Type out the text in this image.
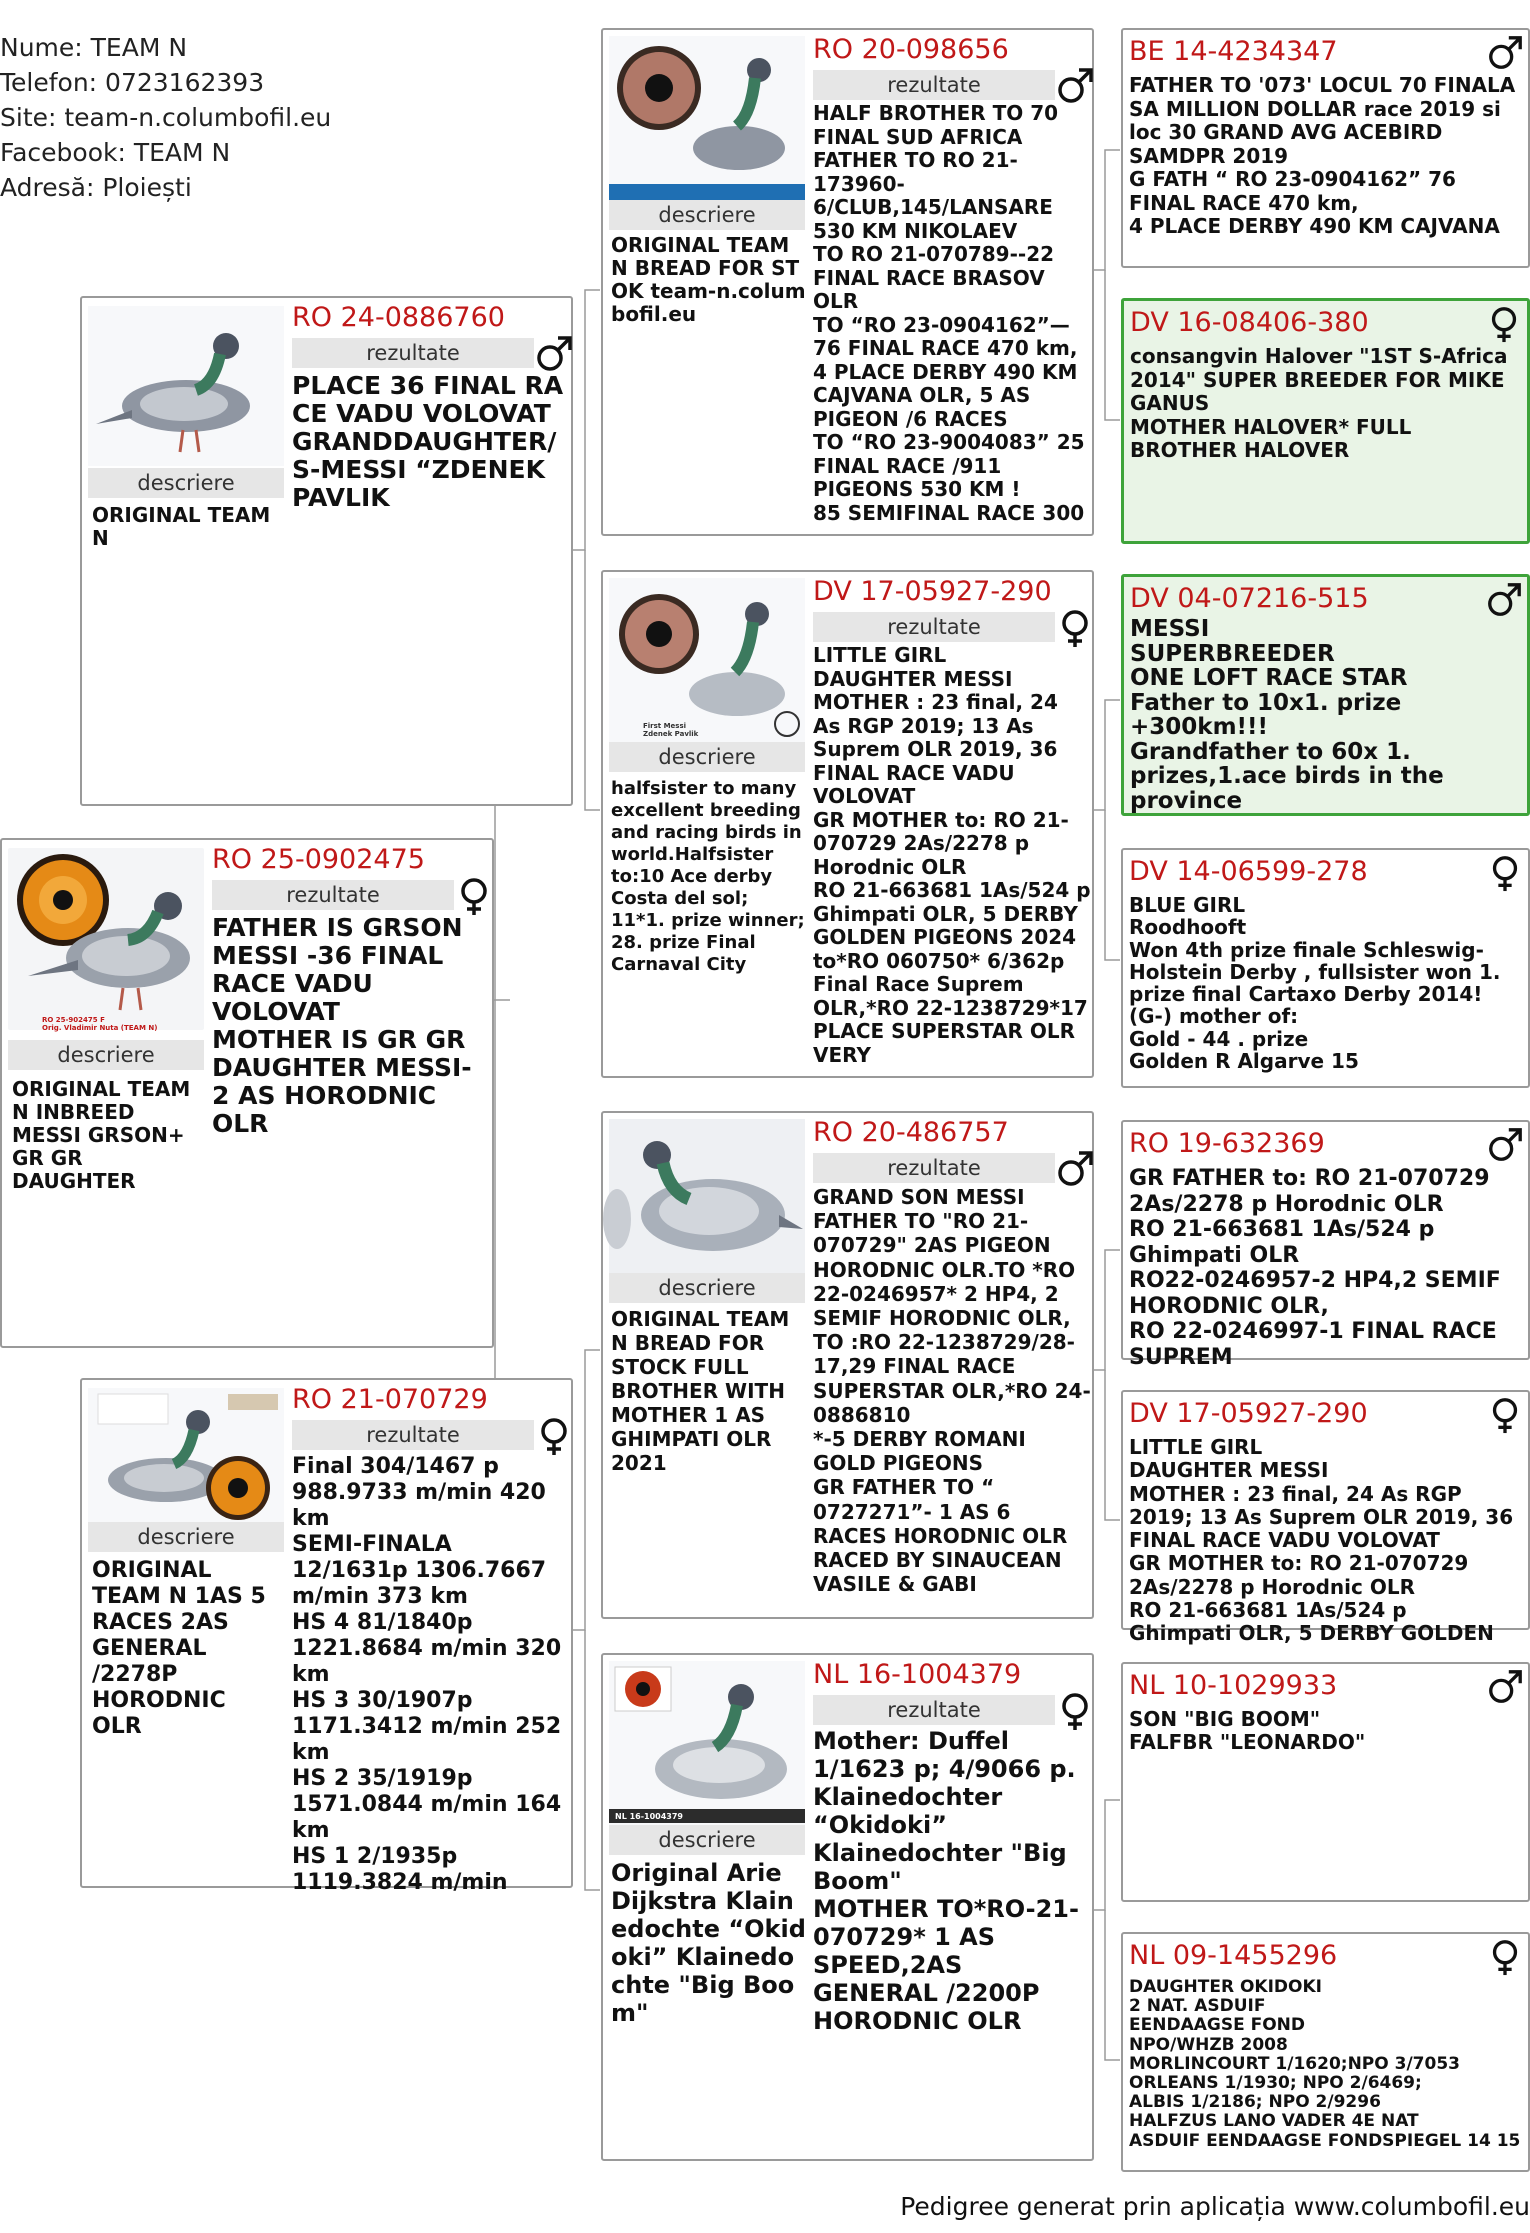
Nume: TEAM N
Telefon: 0723162393
Site: team-n.columbofil.eu
Facebook: TEAM N
Adresă: Ploiești
RO 25-902475 F
Orig. Vladimir Nuta (TEAM N)
descriere
ORIGINAL TEAM N INBREED MESSI GRSON+ GR GR DAUGHTER
RO 25-0902475
rezultate
FATHER IS GRSON MESSI -36 FINAL RACE VADU VOLOVAT
MOTHER IS GR GR DAUGHTER MESSI-2 AS HORODNIC OLR
descriere
ORIGINAL TEAM N
RO 24-0886760
rezultate
PLACE 36 FINAL RACE VADU VOLOVAT GRANDDAUGHTER/S-MESSI “ZDENEK PAVLIK
descriere
ORIGINAL TEAM N 1AS 5 RACES 2AS GENERAL /2278P HORODNIC OLR
RO 21-070729
rezultate
Final 304/1467 p 988.9733 m/min 420 km
SEMI-FINALA 12/1631p 1306.7667 m/min 373 km
HS 4 81/1840p 1221.8684 m/min 320 km
HS 3 30/1907p 1171.3412 m/min 252 km
HS 2 35/1919p 1571.0844 m/min 164 km
HS 1 2/1935p 1119.3824 m/min
descriere
ORIGINAL TEAM N BREAD FOR STOK team-n.columbofil.eu
RO 20-098656
rezultate
HALF BROTHER TO 70 FINAL SUD AFRICA
FATHER TO RO 21-173960-6/CLUB,145/LANSARE 530 KM NIKOLAEV
TO RO 21-070789--22 FINAL RACE BRASOV OLR
TO “RO 23-0904162”—76 FINAL RACE 470 km, 4 PLACE DERBY 490 KM CAJVANA OLR, 5 AS PIGEON /6 RACES
TO “RO 23-9004083” 25 FINAL RACE /911 PIGEONS 530 KM !
85 SEMIFINAL RACE 300
First Messi
Zdenek Pavlik
descriere
halfsister to many excellent breeding and racing birds in world.Halfsister to:10 Ace derby Costa del sol; 11*1. prize winner; 28. prize Final Carnaval City
DV 17-05927-290
rezultate
LITTLE GIRL
DAUGHTER MESSI
MOTHER : 23 final, 24 As RGP 2019; 13 As Suprem OLR 2019, 36 FINAL RACE VADU VOLOVAT
GR MOTHER to: RO 21-070729 2As/2278 p Horodnic OLR
RO 21-663681 1As/524 p Ghimpati OLR, 5 DERBY GOLDEN PIGEONS 2024
to*RO 060750* 6/362p Final Race Suprem OLR,*RO 22-1238729*17 PLACE SUPERSTAR OLR VERY
descriere
ORIGINAL TEAM N BREAD FOR STOCK FULL BROTHER WITH MOTHER 1 AS GHIMPATI OLR 2021
RO 20-486757
rezultate
GRAND SON MESSI
FATHER TO "RO 21-070729" 2AS PIGEON HORODNIC OLR.TO *RO 22-0246957* 2 HP4, 2 SEMIF HORODNIC OLR, TO :RO 22-1238729/28-17,29 FINAL RACE SUPERSTAR OLR,*RO 24-0886810
*-5 DERBY ROMANI GOLD PIGEONS
GR FATHER TO “ 0727271”- 1 AS 6 RACES HORODNIC OLR RACED BY SINAUCEAN VASILE & GABI
NL 16-1004379
descriere
Original Arie Dijkstra Klainedochte “Okidoki” Klainedochte "Big Boom"
NL 16-1004379
rezultate
Mother: Duffel 1/1623 p; 4/9066 p. Klainedochter “Okidoki” Klainedochter "Big Boom"
MOTHER TO*RO-21-070729* 1 AS SPEED,2AS GENERAL /2200P HORODNIC OLR
BE 14-4234347
FATHER TO '073' LOCUL 70 FINALA SA MILLION DOLLAR race 2019 si loc 30 GRAND AVG ACEBIRD SAMDPR 2019
G FATH “ RO 23-0904162” 76 FINAL RACE 470 km,
4 PLACE DERBY 490 KM CAJVANA
DV 16-08406-380
consangvin Halover "1ST S-Africa 2014" SUPER BREEDER FOR MIKE GANUS
MOTHER HALOVER* FULL BROTHER HALOVER
DV 04-07216-515
MESSI
SUPERBREEDER
ONE LOFT RACE STAR
Father to 10x1. prize +300km!!!
Grandfather to 60x 1. prizes,1.ace birds in the province
DV 14-06599-278
BLUE GIRL
Roodhooft
Won 4th prize finale Schleswig-Holstein Derby , fullsister won 1. prize final Cartaxo Derby 2014!
(G-) mother of:
Gold - 44 . prize
Golden R Algarve 15
RO 19-632369
GR FATHER to: RO 21-070729 2As/2278 p Horodnic OLR
RO 21-663681 1As/524 p Ghimpati OLR
RO22-0246957-2 HP4,2 SEMIF HORODNIC OLR,
RO 22-0246997-1 FINAL RACE SUPREM
DV 17-05927-290
LITTLE GIRL
DAUGHTER MESSI
MOTHER : 23 final, 24 As RGP 2019; 13 As Suprem OLR 2019, 36 FINAL RACE VADU VOLOVAT
GR MOTHER to: RO 21-070729 2As/2278 p Horodnic OLR
RO 21-663681 1As/524 p
Ghimpati OLR, 5 DERBY GOLDEN
NL 10-1029933
SON "BIG BOOM"
FALFBR "LEONARDO"
NL 09-1455296
DAUGHTER OKIDOKI
2 NAT. ASDUIF
EENDAAGSE FOND
NPO/WHZB 2008
MORLINCOURT 1/1620;NPO 3/7053
ORLEANS 1/1930; NPO 2/6469;
ALBIS 1/2186; NPO 2/9296
HALFZUS LANO VADER 4E NAT
ASDUIF EENDAAGSE FONDSPIEGEL 14 15
Pedigree generat prin aplicația www.columbofil.eu
